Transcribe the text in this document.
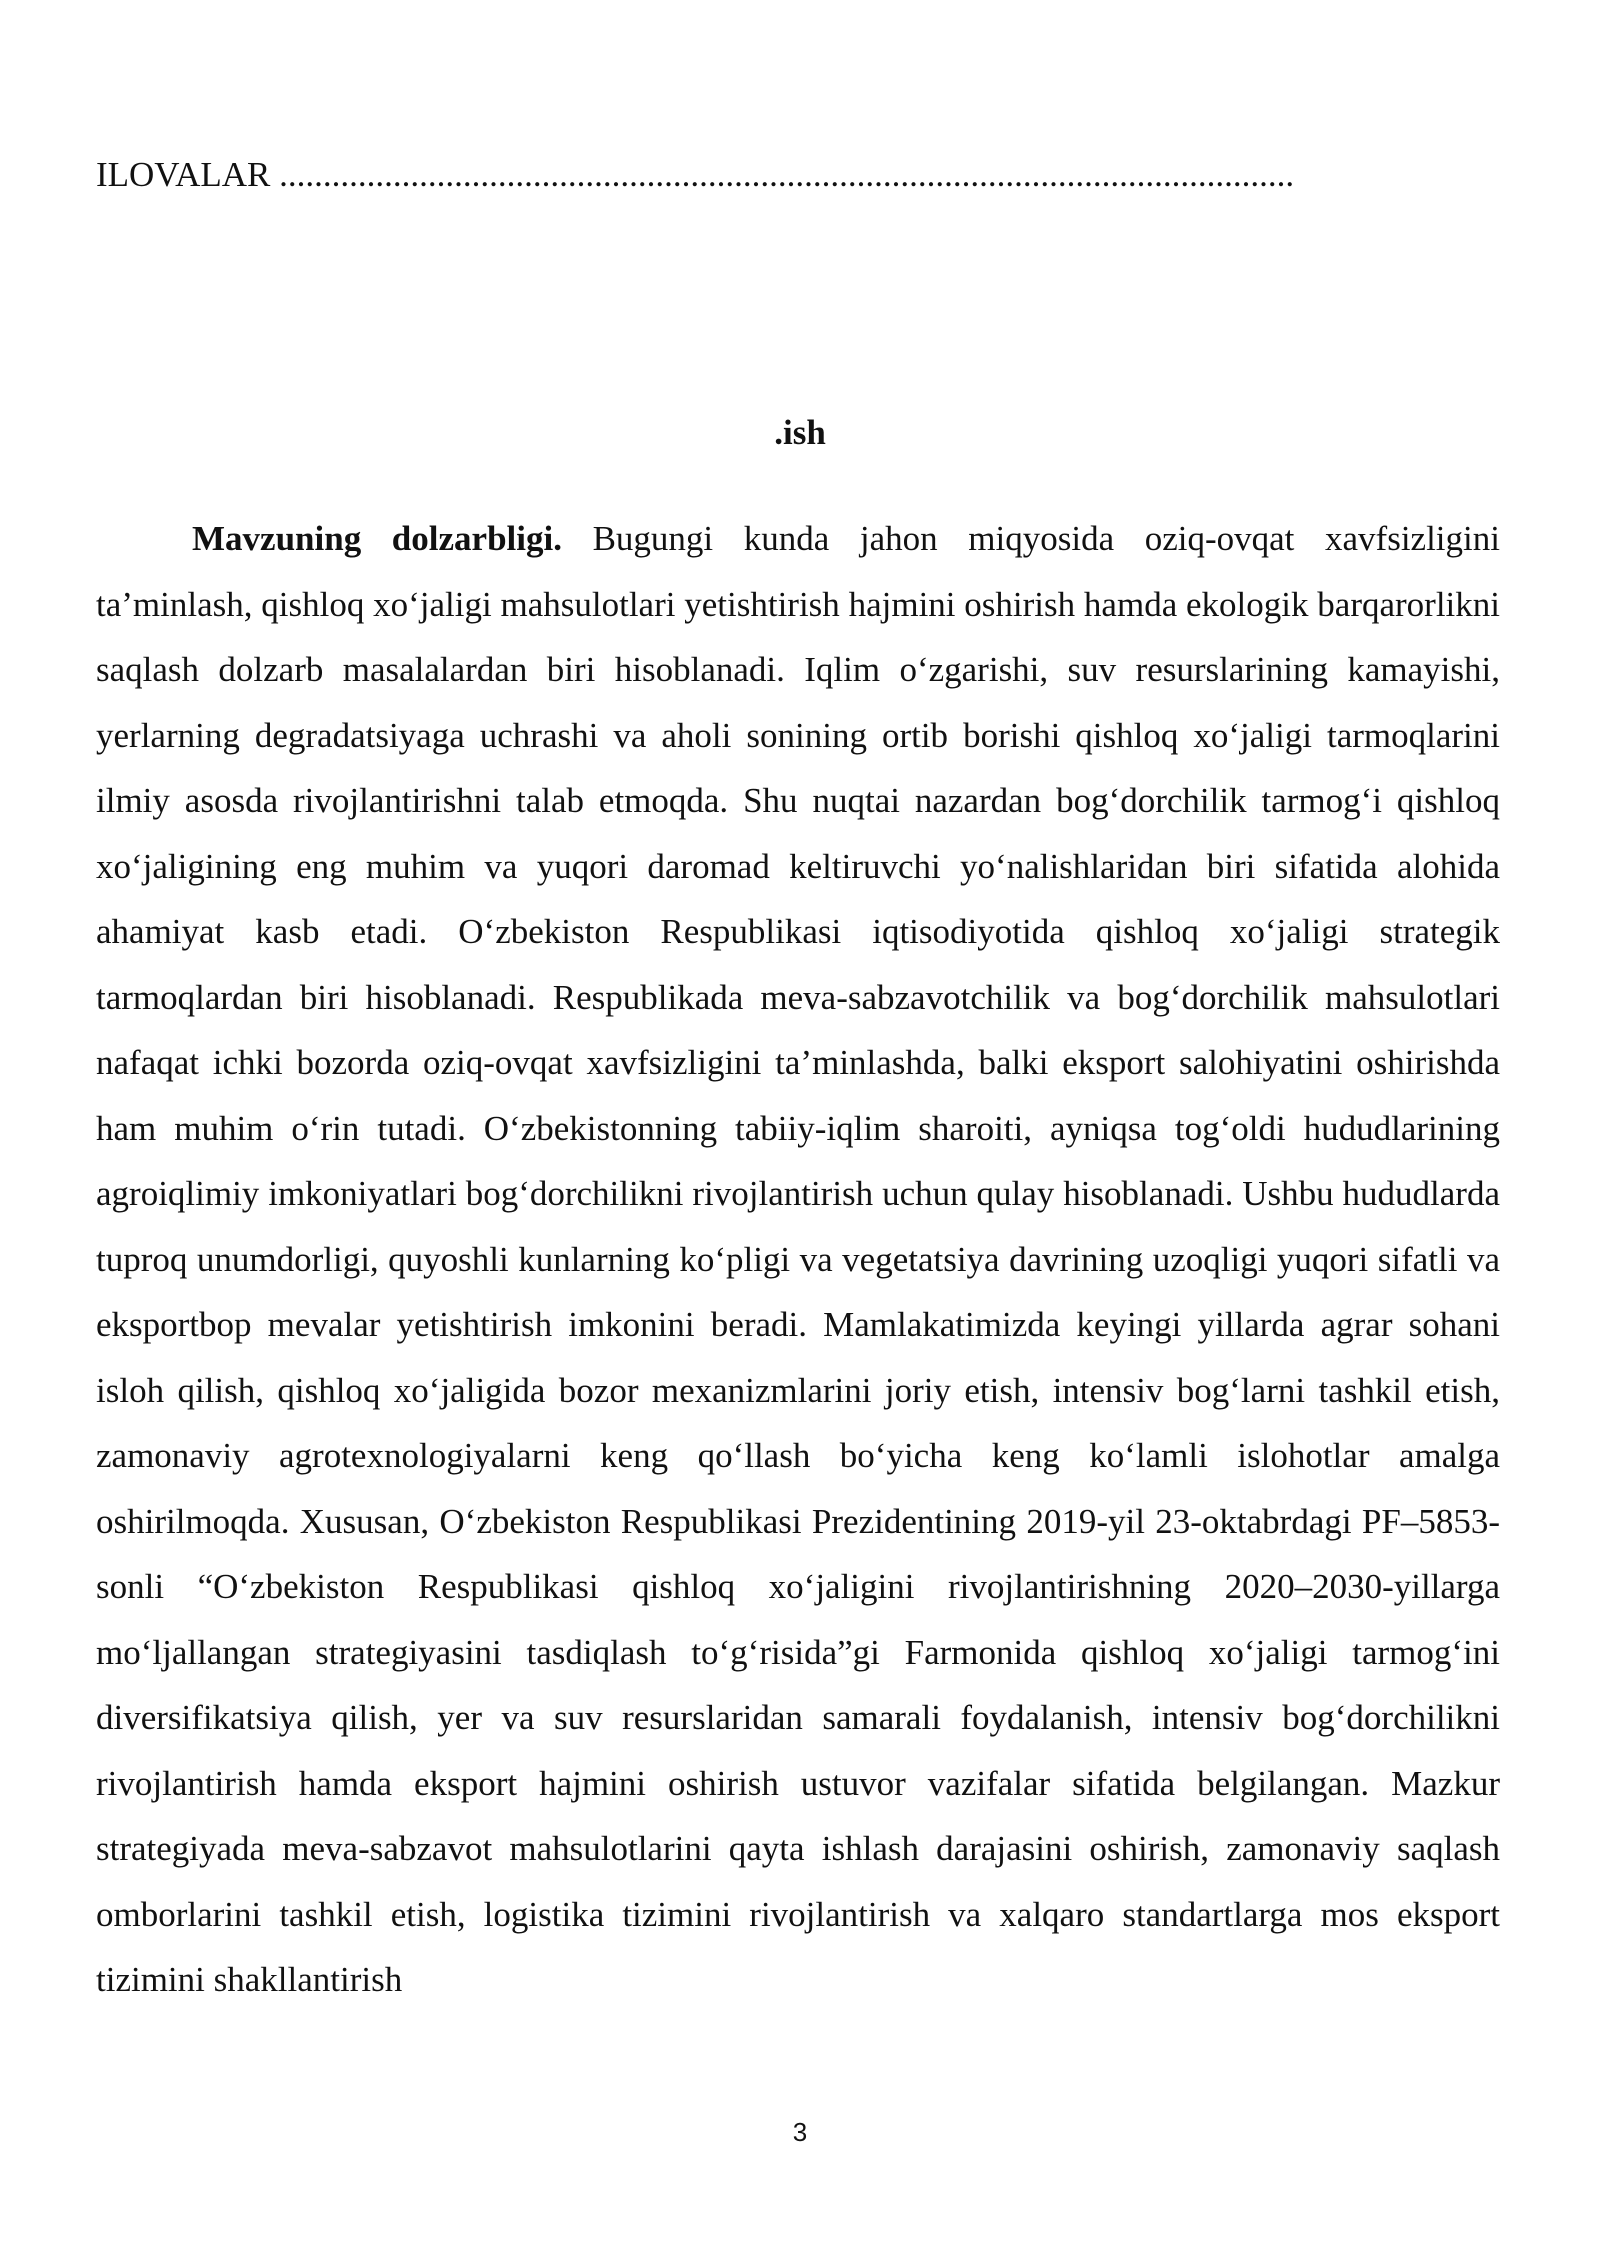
ILOVALAR ....................................................................................................................
.ish

Mavzuning dolzarbligi. Bugungi kunda jahon miqyosida oziq-ovqat xavfsizligini ta’minlash, qishloq xo‘jaligi mahsulotlari yetishtirish hajmini oshirish hamda ekologik barqarorlikni saqlash dolzarb masalalardan biri hisoblanadi. Iqlim o‘zgarishi, suv resurslarining kamayishi, yerlarning degradatsiyaga uchrashi va aholi sonining ortib borishi qishloq xo‘jaligi tarmoqlarini ilmiy asosda rivojlantirishni talab etmoqda. Shu nuqtai nazardan bog‘dorchilik tarmog‘i qishloq xo‘jaligining eng muhim va yuqori daromad keltiruvchi yo‘nalishlaridan biri sifatida alohida ahamiyat kasb etadi. O‘zbekiston Respublikasi iqtisodiyotida qishloq xo‘jaligi strategik tarmoqlardan biri hisoblanadi. Respublikada meva-sabzavotchilik va bog‘dorchilik mahsulotlari nafaqat ichki bozorda oziq-ovqat xavfsizligini ta’minlashda, balki eksport salohiyatini oshirishda ham muhim o‘rin tutadi. O‘zbekistonning tabiiy-iqlim sharoiti, ayniqsa tog‘oldi hududlarining agroiqlimiy imkoniyatlari bog‘dorchilikni rivojlantirish uchun qulay hisoblanadi. Ushbu hududlarda tuproq unumdorligi, quyoshli kunlarning ko‘pligi va vegetatsiya davrining uzoqligi yuqori sifatli va eksportbop mevalar yetishtirish imkonini beradi. Mamlakatimizda keyingi yillarda agrar sohani isloh qilish, qishloq xo‘jaligida bozor mexanizmlarini joriy etish, intensiv bog‘larni tashkil etish, zamonaviy agrotexnologiyalarni keng qo‘llash bo‘yicha keng ko‘lamli islohotlar amalga oshirilmoqda. Xususan, O‘zbekiston Respublikasi Prezidentining 2019-yil 23-oktabrdagi PF–5853-sonli “O‘zbekiston Respublikasi qishloq xo‘jaligini rivojlantirishning 2020–2030-yillarga mo‘ljallangan strategiyasini tasdiqlash to‘g‘risida”gi Farmonida qishloq xo‘jaligi tarmog‘ini diversifikatsiya qilish, yer va suv resurslaridan samarali foydalanish, intensiv bog‘dorchilikni rivojlantirish hamda eksport hajmini oshirish ustuvor vazifalar sifatida belgilangan. Mazkur strategiyada meva-sabzavot mahsulotlarini qayta ishlash darajasini oshirish, zamonaviy saqlash omborlarini tashkil etish, logistika tizimini rivojlantirish va xalqaro standartlarga mos eksport tizimini shakllantirish

3
